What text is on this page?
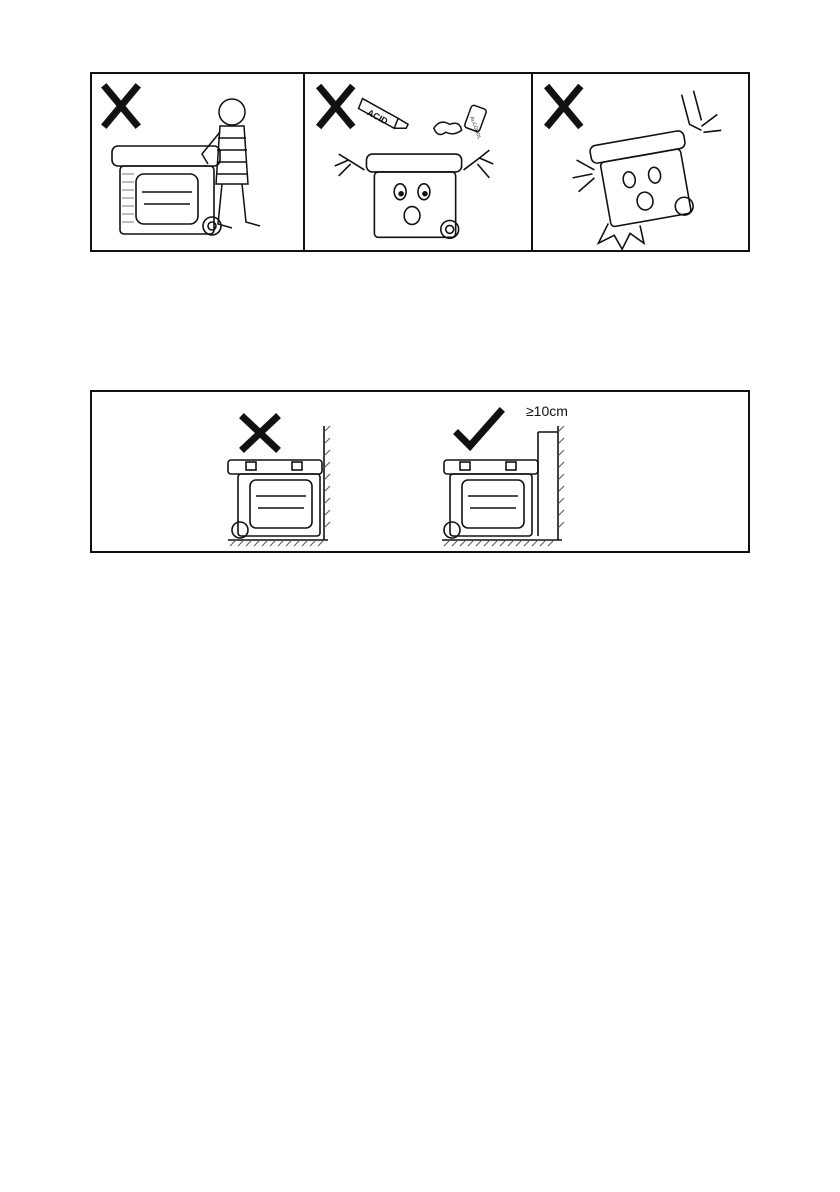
ACID	ALCOHOL
≥10cm
